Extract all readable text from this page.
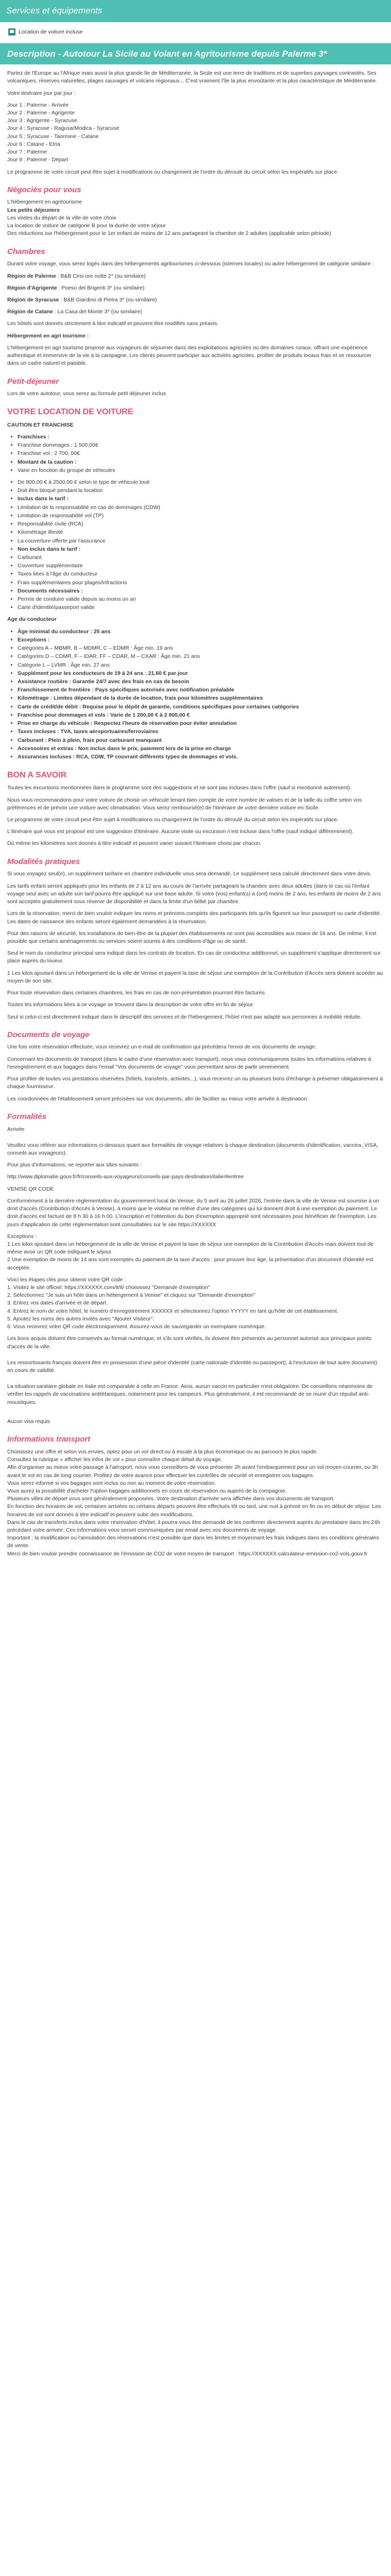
Services et équipements
Location de voiture incluse
Description - Autotour La Sicile au Volant en Agritourisme depuis Palerme 3*

Partez de l'Europe au l'Afrique mais aussi la plus grande île de Méditerranée, la Sicile est une terre de traditions et de superbes paysages contrastés. Ses volcaniques, réserves naturelles, plages sauvages et volcans régionaux... C'est vraiment l'île la plus envoûtante et la plus caractéristique de Méditerranée.

Votre itinéraire jour par jour :

Jour 1 : Palerme - Arrivée

Jour 2 : Palerme - Agrigente

Jour 3 : Agrigente - Syracuse

Jour 4 : Syracuse - Ragusa/Modica - Syracuse

Jour 5 : Syracuse - Taormine - Catane

Jour 6 : Catane - Etna

Jour 7 : Palerme

Jour 8 : Palerme - Départ

Le programme de votre circuit peut être sujet à modifications ou changement de l'ordre du déroulé du circuit selon les impératifs sur place.

Négociés pour vous

L'hébergement en agritourisme

Les petits déjeuners

Les visites du départ de la ville de votre choix

La location de voiture de catégorie B pour la durée de votre séjour

Des réductions sur l'hébergement pour le 1er enfant de moins de 12 ans partageant la chambre de 2 adultes (applicable selon période)

Chambres

Durant votre voyage, vous serez logés dans des hébergements agritourismes ci-dessous (isternes locales) ou autre hébergement de catégorie similaire :

Région de Palerme : B&B Cirsi ore notte 2* (ou similaire)

Région d'Agrigente : Poeso del Brigenti 3* (ou similaire)

Région de Syracuse : B&B Giardino di Pietra 3* (ou similaire)

Région de Catane : La Casa del Monte 3* (ou similaire)

Les hôtels sont donnés strictement à titre indicatif et peuvent être modifiés sans préavis.

Hébergement en agri tourisme :

L'hébergement en agri tourisme propose aux voyageurs de séjourner dans des exploitations agricoles ou des domaines ruraux, offrant une expérience authentique et immersive de la vie à la campagne. Les clients peuvent participer aux activités agricoles, profiter de produits locaux frais et se ressourcer dans un cadre naturel et paisible.

Petit-déjeuner

Lors de votre autotour, vous serez au formule petit déjeuner inclus

VOTRE LOCATION DE VOITURE

CAUTION ET FRANCHISE

• Franchises :
• Franchise dommages : 1 500,00€
• Franchise vol : 2 700, 00€
• Montant de la caution :
• Varie en fonction du groupe de véhicules
• De 800,00 € à 2500,00 € selon le type de véhicule loué
• Doit être bloqué pendant la location
• Inclus dans le tarif :
• Limitation de la responsabilité en cas de dommages (CDW)
• Limitation de responsabilité vol (TP)
• Responsabilité civile (RCA)
• Kilométrage illimité
• La couverture offerte par l'assurance
• Non inclus dans le tarif :
• Carburant
• Couverture supplémentaire
• Taxes liées à l'âge du conducteur
• Frais supplémentaires pour plages/infractions
• Documents nécessaires :
• Permis de conduire valide depuis au moins un an
• Carte d'identité/passeport valide

Age du conducteur

• Âge minimal du conducteur : 25 ans
• Exceptions :
• Catégories A – MBMR, B – MDMR, C – EDMR : Âge min. 19 ans
• Catégories D – CDMR, F – IDAR, FF – CDAR, M – CXAR : Âge min. 21 ans
• Catégorie L – LVMR : Âge min. 27 ans
• Supplément pour les conducteurs de 19 à 24 ans : 21,60 € par jour
• Assistance routière : Garantie 24/7 avec des frais en cas de besoin
• Franchissement de frontière : Pays spécifiques autorisés avec notification préalable
• Kilométrage : Limites dépendant de la durée de location, frais pour kilomètres supplémentaires
• Carte de crédit/de débit : Requise pour le dépôt de garantie, conditions spécifiques pour certaines catégories
• Franchise pour dommages et vols : Varie de 1 200,00 € à 2 800,00 €
• Prise en charge du véhicule : Respectez l'heure de réservation pour éviter annulation
• Taxes incluses : TVA, taxes aéroportuaires/ferroviaires
• Carburant : Plein à plein, frais pour carburant manquant
• Accessoires et extras : Non inclus dans le prix, paiement lors de la prise en charge
• Assurances incluses : RCA, CDW, TP couvrant différents types de dommages et vols.
BON A SAVOIR

Toutes les excursions mentionnées dans le programme sont des suggestions et ne sont pas incluses dans l'offre (sauf si mentionné autrement).

Nous vous recommandons pour votre voiture de choisir un véhicule tenant bien compte de votre nombre de valises et de la taille du coffre selon vos préférences et de prévoir une voiture avec climatisation. Vous serez remboursé(e) de l'itinéraire de votre dernière voiture en Sicile.

Le programme de votre circuit peut être sujet à modifications ou changement de l'ordre du déroulé du circuit selon les impératifs sur place.

L'itinéraire que vous est proposé est une suggestion d'itinéraire. Aucune visite ou excursion n'est incluse dans l'offre (sauf indiqué différemment).

Dû même les kilomètres sont donnés à titre indicatif et peuvent varier suivant l'itinéraire choisi par chacun.

Modalités pratiques

Si vous voyagez seul(e), un supplément tarifaire en chambre individuelle vous sera demandé. Le supplément sera calculé directement dans votre devis.

Les tarifs enfant seront appliqués pour les enfants de 2 à 12 ans au cours de l'arrivée partageant la chambre avec deux adultes (dans le cas où l'enfant voyage seul avec un adulte son tarif pourra être appliqué sur une base adulte. Si votre (vos) enfant(s) a (ont) moins de 2 ans, les enfants de moins de 2 ans sont acceptés gratuitement sous réserve de disponibilité et dans la limite d'un bébé par chambre.

Lors de la réservation, merci de bien vouloir indiquer les noms et prénoms complets des participants tels qu'ils figurent sur leur passeport ou carte d'identité. Les dates de naissance des enfants seront également demandées à la réservation.

Pour des raisons de sécurité, les installations de bien-être de la plupart des établissements ne sont pas accessibles aux moins de 16 ans. De même, il est possible que certains aménagements ou services soient soumis à des conditions d'âge ou de santé.

Seul le nom du conducteur principal sera indiqué dans les contrats de location. En cas de conducteur additionnel, un supplément s'applique directement sur place auprès du loueur.

1 Les kilos ajoutant dans un hébergement de la ville de Venise et payent la taxe de séjour une exemption de la Contribution d'Accès sera doivent accéder au moyen de son site.

Pour toute réservation dans certaines chambres, les frais en cas de non-présentation pourront être facturés.

Toutes les informations liées à ce voyage se trouvent dans la description de votre offre en fin de séjour.

Seul si celui-ci est directement indiqué dans le descriptif des services et de l'hébergement, l'hôtel n'est pas adapté aux personnes à mobilité réduite.

Documents de voyage

Une fois votre réservation effectuée, vous recevrez un e-mail de confirmation qui précédera l'envoi de vos documents de voyage.

Concernant les documents de transport (dans le cadre d'une réservation avec transport), nous vous communiquerons toutes les informations relatives à l'enregistrement et aux bagages dans l'email "Vos documents de voyage" vous permettant ainsi de partir sereinement.

Pour profiter de toutes vos prestations réservées (hôtels, transferts, activités...), vous recevrez un ou plusieurs bons d'échange à présenter obligatoirement à chaque fournisseur.

Les coordonnées de l'établissement seront précisées sur vos documents, afin de faciliter au mieux votre arrivée à destination.

Formalités

Arrivée

Veuillez vous référer aux informations ci-dessous quant aux formalités de voyage relatives à chaque destination (documents d'identification, vaccins, VISA, conseils aux voyageurs).

Pour plus d'informations, se reporter aux sites suivants :

http://www.diplomatie.gouv.fr/fr/conseils-aux-voyageurs/conseils-par-pays-destination/italie/#entree

VENISE QR CODE

Conformément à la dernière réglementation du gouvernement local de Venise, du 5 avril au 26 juillet 2026, l'entrée dans la ville de Venise est soumise à un droit d'accès (Contribution d'Accès à Venise), à moins que le visiteur ne relève d'une des catégories qui lui donnent droit à une exemption du paiement. Le droit d'accès est facturé de 8 h 30 à 16 h 00. L'inscription et l'obtention du bon d'exemption approprié sont nécessaires pour bénéficier de l'exemption. Les jours d'application de cette réglementation sont consultables sur le site https://XXXXXX

Exceptions :

1 Les kilos ajoutant dans un hébergement de la ville de Venise et payent la taxe de séjour une exemption de la Contribution d'Accès mais doivent tout de même avoir un QR code indiquant le séjour.

2 Une exemption de moins de 14 ans sont exemptés du paiement de la taxe d'accès : pour prouver leur âge, la présentation d'un document d'identité est acceptée.

Voici les étapes clés pour obtenir votre QR code :

1. Visitez le site officiel: https://XXXXXX.com/it/it/ choisissez "Demande d'exemption"

2. Sélectionnez "Je suis un hôte dans un hébergement à Venise" et cliquez sur "Demande d'exemption"

3. Entrez vos dates d'arrivée et de départ.

4. Entrez le nom de votre hôtel, le numéro d'enregistrement XXXXXX et sélectionnez l'option YYYYY en tant qu'hôte de cet établissement.

5. Ajoutez les noms des autres invités avec "Ajouter Visiteur".

6. Vous recevrez votre QR code électroniquement. Assurez-vous de sauvegarder un exemplaire numérique.

Les bons acquis doivent être conservés au format numérique, et s'ils sont vérifiés, ils doivent être présentés au personnel autorisé aux principaux points d'accès de la ville.

Les ressortissants français doivent être en possession d'une pièce d'identité (carte nationale d'identité ou passeport), à l'exclusion de tout autre document) en cours de validité.

La situation sanitaire globale en Italie est comparable à celle en France. Ainsi, aucun vaccin en particulier n'est obligatoire. De conseillons néanmoins de vérifier les rappels de vaccinations antitétaniques, notamment pour les campeurs. Plus généralement, il est recommandé de se munir d'un répulsif anti-moustiques.

Aucun visa requis

Informations transport

Choisissez une offre et selon vos envies, optez pour un vol direct ou à escale à la plus économique ou au parcours le plus rapide.

Consultez la rubrique « afficher les infos de vol » pour connaître chaque détail du voyage.

Afin d'organiser au mieux votre passage à l'aéroport, nous vous conseillons de vous présenter 2h avant l'embarquement pour un vol moyen-courrier, ou 3h avant le vol en cas de long courrier. Profitez de votre avance pour effectuer les contrôles de sécurité et enregistrer vos bagages.

Vous serez informé si vos bagages sont inclus ou non au moment de votre réservation.

Vous aurez la possibilité d'acheter l'option bagages additionnels en cours de réservation ou auprès de la compagnie.

Plusieurs villes de départ vous sont généralement proposées. Votre destination d'arrivée sera affichée dans vos documents de transport.

En fonction des horaires de vol, certaines arrivées ou certains départs peuvent être effectués tôt ou tard, une nuit à prévoir en fin ou en début de séjour. Les horaires de vol sont donnés à titre indicatif et peuvent subir des modifications.

Dans le cas de transferts inclus dans votre réservation d'hôtel, il pourra vous être demandé de les confirmer directement auprès du prestataire dans les 24h précédant votre arrivée. Ces informations vous seront communiquées par email avec vos documents de voyage.

Important : la modification ou l'annulation des réservations n'est possible que dans les limites et moyennant les frais indiqués dans les conditions générales de vente.

Merci de bien vouloir prendre connaissance de l'émission de CO2 de votre moyen de transport : https://XXXXXX-calculateur-emission-co2-vols.gouv.fr
